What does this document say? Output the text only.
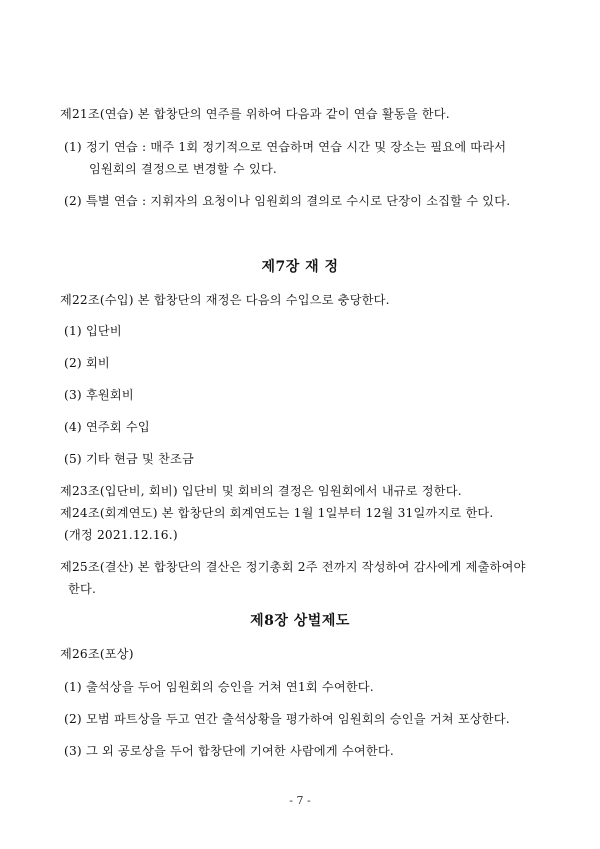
제21조(연습) 본 합창단의 연주를 위하여 다음과 같이 연습 활동을 한다.
(1) 정기 연습 : 매주 1회 정기적으로 연습하며 연습 시간 및 장소는 필요에 따라서
임원회의 결정으로 변경할 수 있다.
(2) 특별 연습 : 지휘자의 요청이나 임원회의 결의로 수시로 단장이 소집할 수 있다.
제7장 재 정
제22조(수입) 본 합창단의 재정은 다음의 수입으로 충당한다.
(1) 입단비
(2) 회비
(3) 후원회비
(4) 연주회 수입
(5) 기타 현금 및 찬조금
제23조(입단비, 회비) 입단비 및 회비의 결정은 임원회에서 내규로 정한다.
제24조(회계연도) 본 합창단의 회계연도는 1월 1일부터 12월 31일까지로 한다.
(개정 2021.12.16.)
제25조(결산) 본 합창단의 결산은 정기총회 2주 전까지 작성하여 감사에게 제출하여야
한다.
제8장 상벌제도
제26조(포상)
(1) 출석상을 두어 임원회의 승인을 거쳐 연1회 수여한다.
(2) 모범 파트상을 두고 연간 출석상황을 평가하여 임원회의 승인을 거쳐 포상한다.
(3) 그 외 공로상을 두어 합창단에 기여한 사람에게 수여한다.
- 7 -
